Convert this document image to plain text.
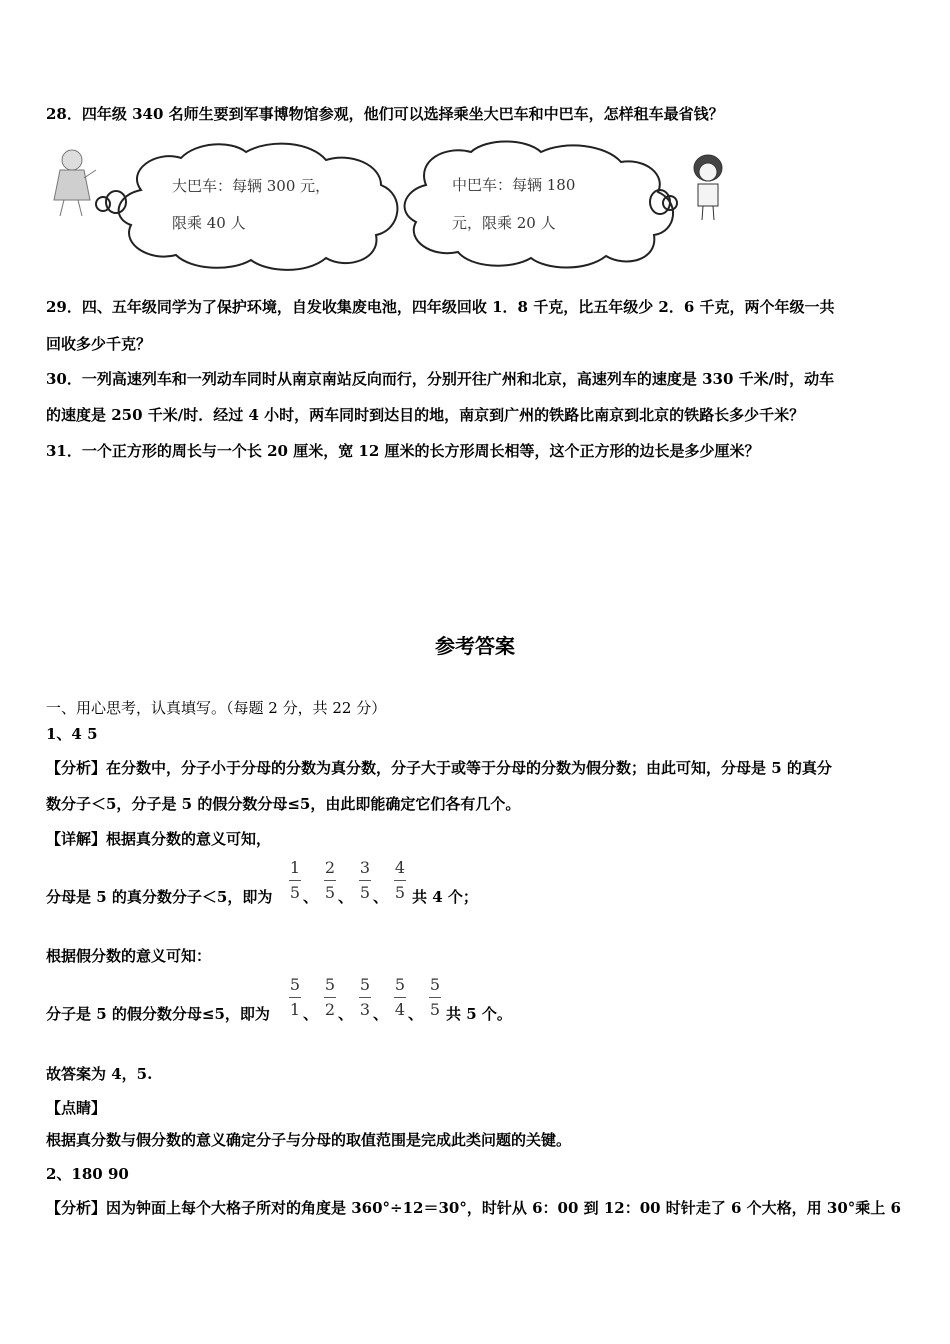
28．四年级 340 名师生要到军事博物馆参观，他们可以选择乘坐大巴车和中巴车，怎样租车最省钱？
大巴车：每辆 300 元，
限乘 40 人
中巴车：每辆 180
元，限乘 20 人
29．四、五年级同学为了保护环境，自发收集废电池，四年级回收 1．8 千克，比五年级少 2．6 千克，两个年级一共
回收多少千克？
30．一列高速列车和一列动车同时从南京南站反向而行，分别开往广州和北京，高速列车的速度是 330 千米/时，动车
的速度是 250 千米/时．经过 4 小时，两车同时到达目的地，南京到广州的铁路比南京到北京的铁路长多少千米？
31．一个正方形的周长与一个长 20 厘米，宽 12 厘米的长方形周长相等，这个正方形的边长是多少厘米？
参考答案
一、用心思考，认真填写。（每题 2 分，共 22 分）
1、4 5
【分析】在分数中，分子小于分母的分数为真分数，分子大于或等于分母的分数为假分数；由此可知，分母是 5 的真分
数分子＜5，分子是 5 的假分数分母≤5，由此即能确定它们各有几个。
【详解】根据真分数的意义可知，
分母是 5 的真分数分子＜5，即为
1
5 、
2
5 、
3
5 、
4
5 共 4 个；
根据假分数的意义可知：
分子是 5 的假分数分母≤5，即为
5
1 、
5
2 、
5
3 、
5
4 、
5
5 共 5 个。
故答案为 4，5.
【点睛】
根据真分数与假分数的意义确定分子与分母的取值范围是完成此类问题的关键。
2、180 90
【分析】因为钟面上每个大格子所对的角度是 360°÷12＝30°，时针从 6：00 到 12：00 时针走了 6 个大格，用 30°乘上 6
